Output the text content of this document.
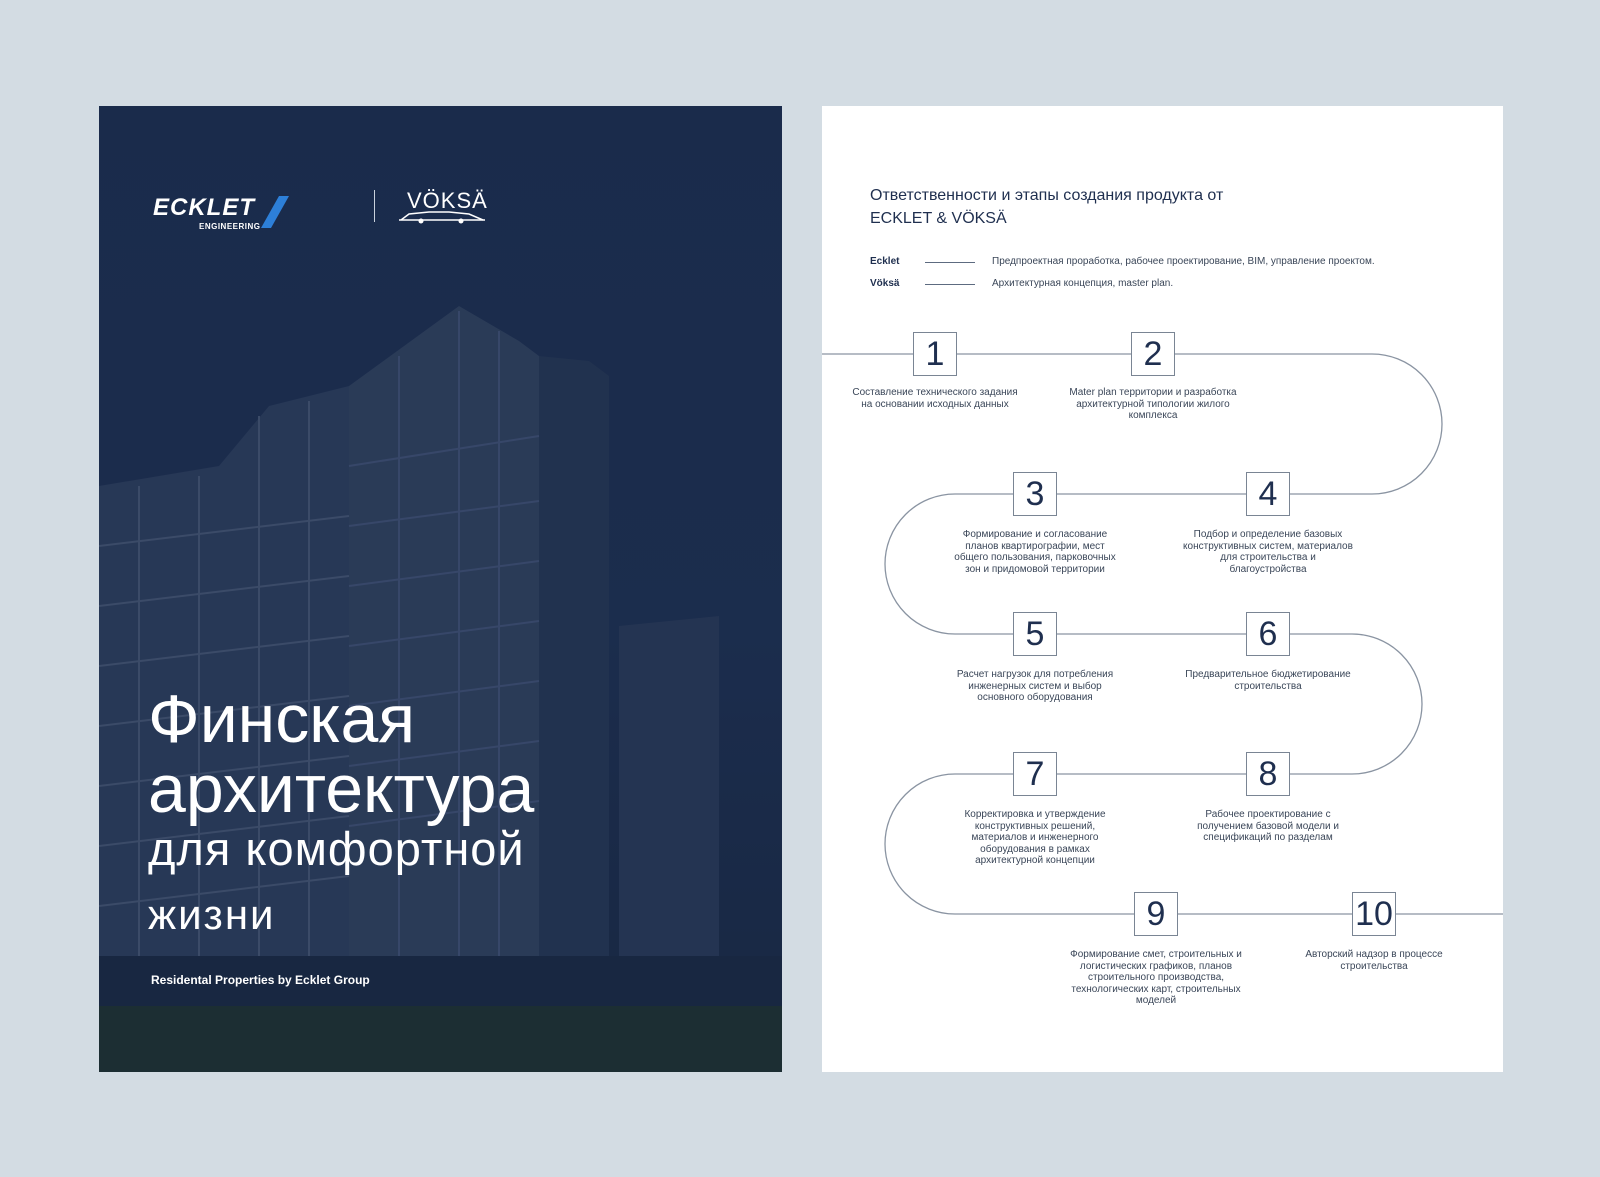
ECKLET
ENGINEERING
VÖKSÄ
Финская
архитектура
для комфортной
жизни
Residental Properties by Ecklet Group
Ответственности и этапы создания продукта от ECKLET & VÖKSÄ
Ecklet	Предпроектная проработка, рабочее проектирование, BIM, управление проектом.
Vöksä	Архитектурная концепция, master plan.
1
Составление технического задания на основании исходных данных
2
Mater plan территории и разработка архитектурной типологии жилого комплекса
3
Формирование и согласование планов квартирографии, мест общего пользования, парковочных зон и придомовой территории
4
Подбор и определение базовых конструктивных систем, материалов для строительства и благоустройства
5
Расчет нагрузок для потребления инженерных систем и выбор основного оборудования
6
Предварительное бюджетирование строительства
7
Корректировка и утверждение конструктивных решений, материалов и инженерного оборудования в рамках архитектурной концепции
8
Рабочее проектирование с получением базовой модели и спецификаций по разделам
9
Формирование смет, строительных и логистических графиков, планов строительного производства, технологических карт, строительных моделей
10
Авторский надзор в процессе строительства
